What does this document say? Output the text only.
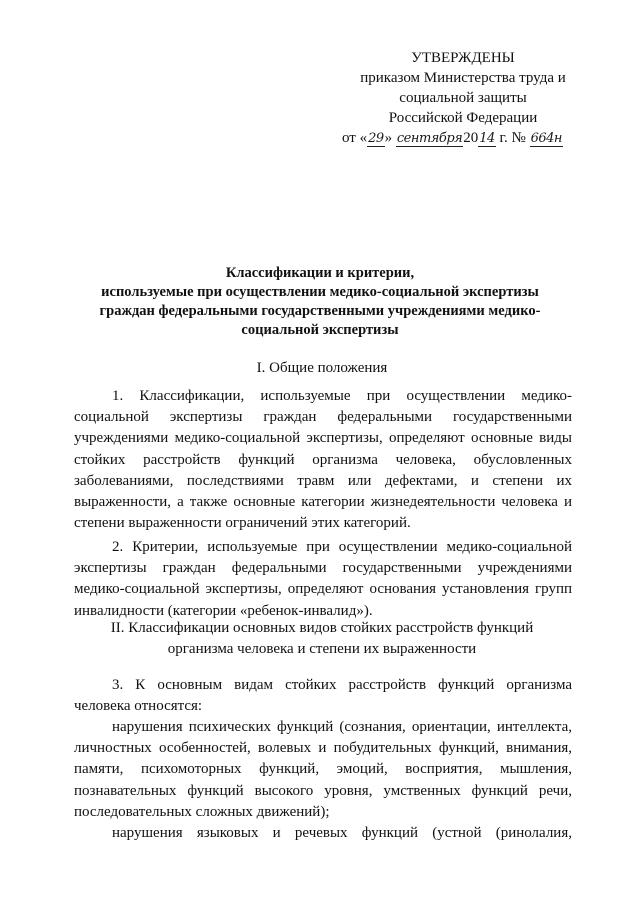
УТВЕРЖДЕНЫ
приказом Министерства труда и
социальной защиты
Российской Федерации
от «29» сентября2014 г. № 664н
Классификации и критерии,
используемые при осуществлении медико-социальной экспертизы
граждан федеральными государственными учреждениями медико-
социальной экспертизы
I. Общие положения
1. Классификации, используемые при осуществлении медико-
социальной экспертизы граждан федеральными государственными
учреждениями медико-социальной экспертизы, определяют основные виды
стойких расстройств функций организма человека, обусловленных
заболеваниями, последствиями травм или дефектами, и степени их
выраженности, а также основные категории жизнедеятельности человека и
степени выраженности ограничений этих категорий.
2. Критерии, используемые при осуществлении медико-социальной
экспертизы граждан федеральными государственными учреждениями
медико-социальной экспертизы, определяют основания установления групп
инвалидности (категории «ребенок-инвалид»).
II. Классификации основных видов стойких расстройств функций
организма человека и степени их выраженности
3. К основным видам стойких расстройств функций организма
человека относятся:
нарушения психических функций (сознания, ориентации, интеллекта,
личностных особенностей, волевых и побудительных функций, внимания,
памяти, психомоторных функций, эмоций, восприятия, мышления,
познавательных функций высокого уровня, умственных функций речи,
последовательных сложных движений);
нарушения языковых и речевых функций (устной (ринолалия,
